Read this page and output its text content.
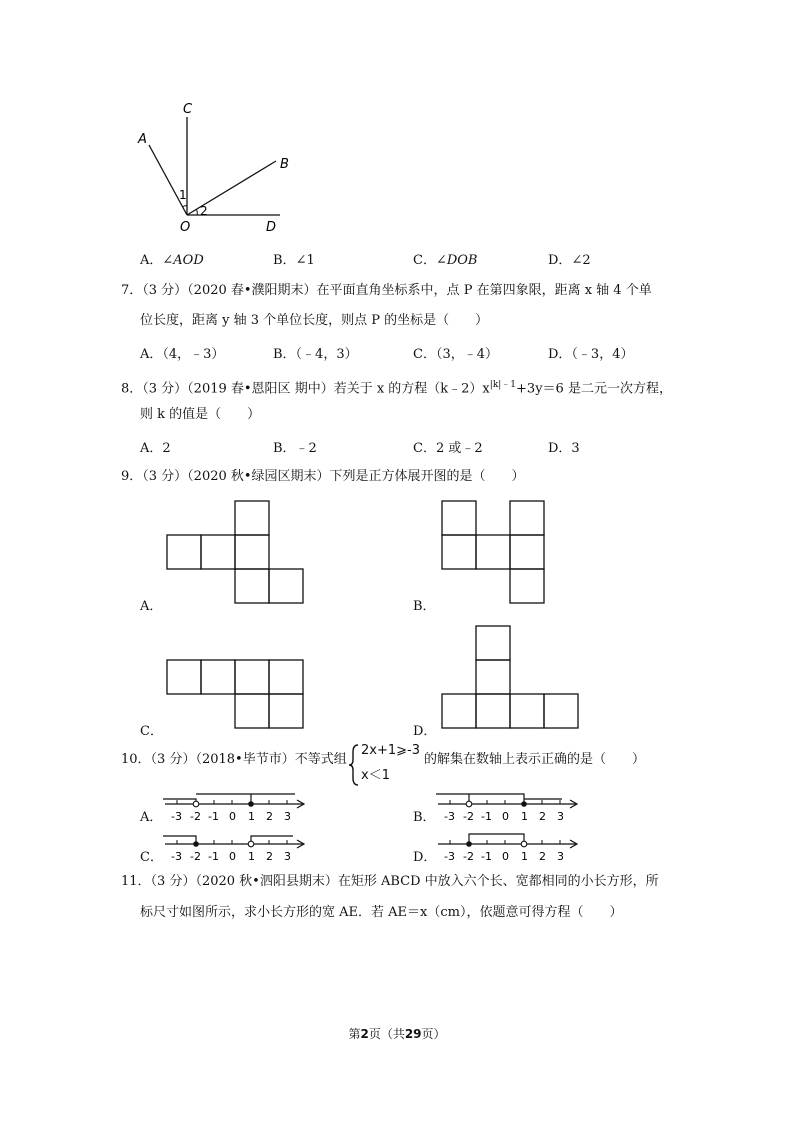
C
A
B
O	D
1
2
A．∠AOD	B．∠1	C．∠DOB	D．∠2
7．（3 分）（2020 春•濮阳期末）在平面直角坐标系中，点 P 在第四象限，距离 x 轴 4 个单
位长度，距离 y 轴 3 个单位长度，则点 P 的坐标是（　　）
A．（4，﹣3）	B．（﹣4，3）	C．（3，﹣4）	D．（﹣3，4）
8．（3 分）（2019 春•恩阳区 期中）若关于 x 的方程$(k﹣2)x^{|k|﹣1}+3y=6$ 是二元一次方程，
则 k 的值是（　　）
A．2	B．﹣2	C．2 或﹣2	D．3
9．（3 分）（2020 秋•绿园区期末）下列是正方体展开图的是（　　）
A．	B．
C．	D．
10．（3 分）（2018•毕节市）不等式组
2x+1⩾-3
x＜1
的解集在数轴上表示正确的是（　　）
-3 -2 -1 0 1 2 3
A．	-3 -2 -1 0 1 2 3
B．
-3 -2 -1 0 1 2 3
C．	-3 -2 -1 0 1 2 3
D．
11．（3 分）（2020 秋•泗阳县期末）在矩形 ABCD 中放入六个长、宽都相同的小长方形，所
标尺寸如图所示，求小长方形的宽 AE．若 AE＝x（cm），依题意可得方程（　　）
第2页（共29页）
